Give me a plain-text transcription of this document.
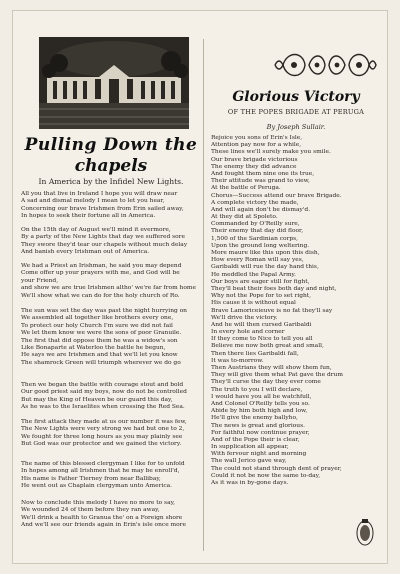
Pulling Down the
chapels
In America by the Infidel New Lights.
All you that live in Ireland I hope you will draw near
A sad and dismal melody I mean to let you hear,
Concerning our brave Irishmen from Erin sailed away,
In hopes to seek their fortune all in America.
On the 15th day of August we'll mind it evermore,
By a party of the New Lights that day we suffered sore
They swore they'd tear our chapels without much delay
And banish every Irishman out of America.
We had a Priest an Irishman, he said you may depend
Come offer up your prayers with me, and God will be
your Friend,
and show we are true Irishmen altho' we're far from home
We'll show what we can do for the holy church of Ro.
The sun was set the day was past the night hurrying on
We assembled all together like brothers every one,
To protect our holy Church I'm sure we did not fail
We let them know we were the sons of poor Granuile.
The first that did oppose them he was a widow's son
Like Bonaparte at Waterloo the battle he begun,
He says we are Irishmen and that we'll let you know
The shamrock Green will triumph wherever we do go
Then we began the battle with courage stout and bold
Our good priest said my boys, now do not be controlled
But may the King of Heaven be our guard this day,
As he was to the Israelites when crossing the Red Sea.
The first attack they made at us our number it was few,
The New Lights were very strong we had but one to 2,
We fought for three long hours as you may plainly see
But God was our protector and we gained the victory.
The name of this blessed clergyman I like for to unfold
In hopes among all Irishmen that he may be enroll'd,
His name is Father Tierney from near Ballibay,
He went out as Chaplain clergyman unto America.
Now to conclude this melody I have no more to say,
We wounded 24 of them before they ran away,
We'll drink a health to Granua the' on a Foreign shore
And we'll see our friends again in Erin's isle once more
Glorious Victory
OF THE POPES BRIGADE AT PERUGA
By Joseph Sullair.
Rejoice you sons of Erin's Isle,
Attention pay now for a while,
These lines we'll surely make you smile.
Our brave brigade victorious
The enemy they did advance
And fought them nine one its true,
Their attitude was grand to view,
At the battle of Peruga.
Chorus—Success attend our brave Brigade.
A complete victory the made,
And will again don't be dismay'd.
At they did at Spoleto.
Commanded by O'Reilly sure,
Their enemy that day did floor,
1,500 of the Sardinian corps,
Upon the ground long weltering.
More maure like this upon this dish,
How every Roman will say yes,
Garibaldi will rue the day hand this,
He meddled the Papal Army.
Our boys are eager still for fight,
They'll beat their foes both day and night,
Why not the Pope for to set right,
His cause it is without equal
Brave Lamoriceieuve is no fat they'll say
We'll drive the victory.
And he will then cursed Garibaldi
In every hole and corner
If they come to Nice to tell you all
Believe me now both great and small,
Then there lies Garibaldi fall,
It was to-morrow.
Then Austrians they will show them fun,
They will give them what Pat gave the drum
They'll curse the day they ever come
The truth to you I will declare,
I would have you all be watchfull,
And Colonel O'Reilly tells you so.
Abide by him both high and low,
He'll give the enemy ballyho,
The news is great and glorious.
For faithful now continue prayer,
And of the Pope their is clear,
In supplication all appear,
With fervour night and morning
The wall Jerico gave way,
The could not stand through dent of prayer,
Could it not be now the same to-day,
As it was in by-gone days.
